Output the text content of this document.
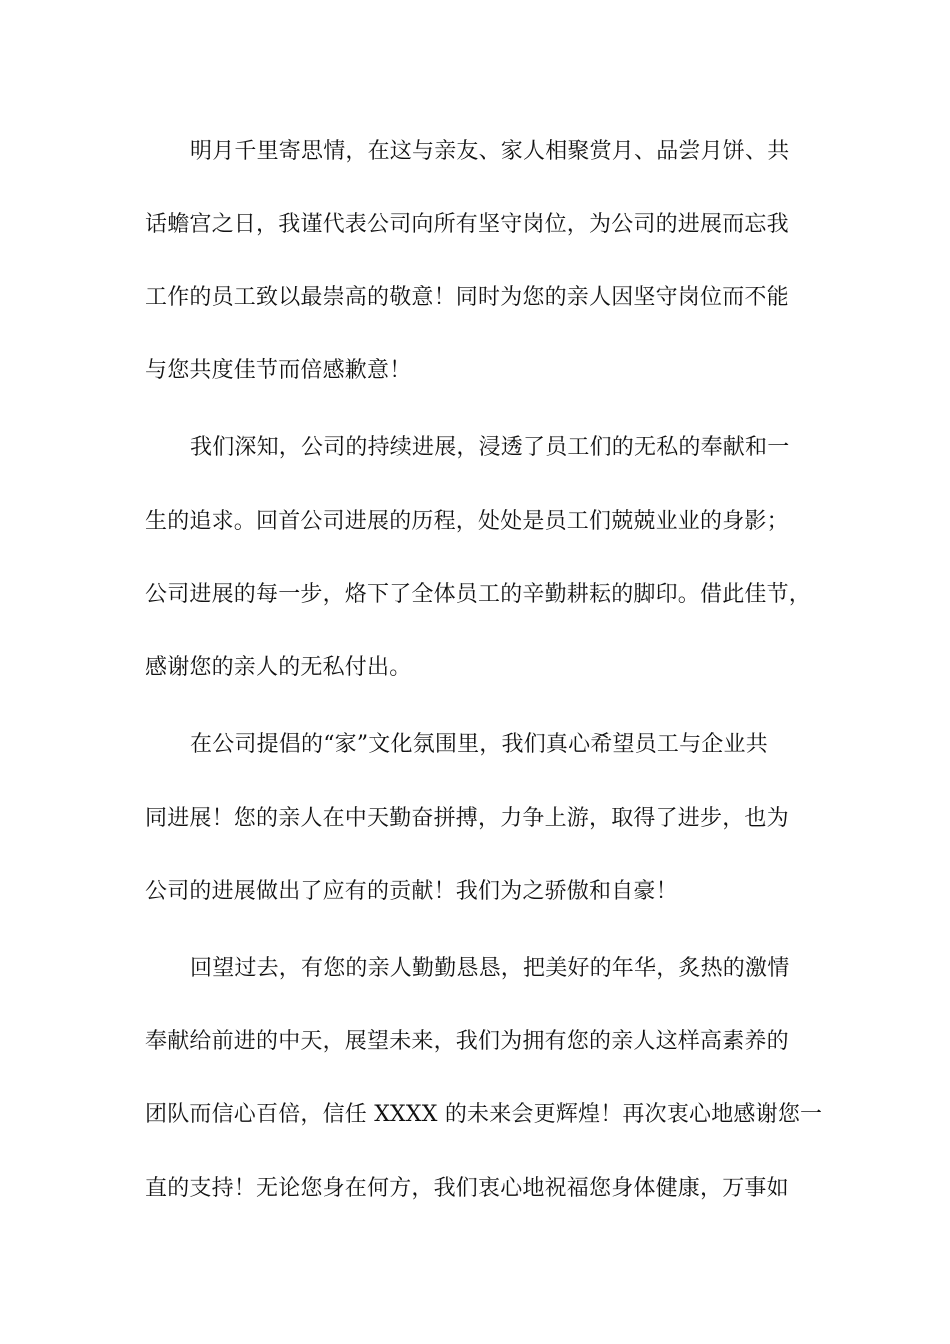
明月千里寄思情，在这与亲友、家人相聚赏月、品尝月饼、共
话蟾宫之日，我谨代表公司向所有坚守岗位，为公司的进展而忘我
工作的员工致以最崇高的敬意！同时为您的亲人因坚守岗位而不能
与您共度佳节而倍感歉意！
我们深知，公司的持续进展，浸透了员工们的无私的奉献和一
生的追求。回首公司进展的历程，处处是员工们兢兢业业的身影；
公司进展的每一步，烙下了全体员工的辛勤耕耘的脚印。借此佳节，
感谢您的亲人的无私付出。
在公司提倡的“家”文化氛围里，我们真心希望员工与企业共
同进展！您的亲人在中天勤奋拼搏，力争上游，取得了进步，也为
公司的进展做出了应有的贡献！我们为之骄傲和自豪！
回望过去，有您的亲人勤勤恳恳，把美好的年华，炙热的激情
奉献给前进的中天，展望未来，我们为拥有您的亲人这样高素养的
团队而信心百倍，信任 XXXX 的未来会更辉煌！再次衷心地感谢您一
直的支持！无论您身在何方，我们衷心地祝福您身体健康，万事如
